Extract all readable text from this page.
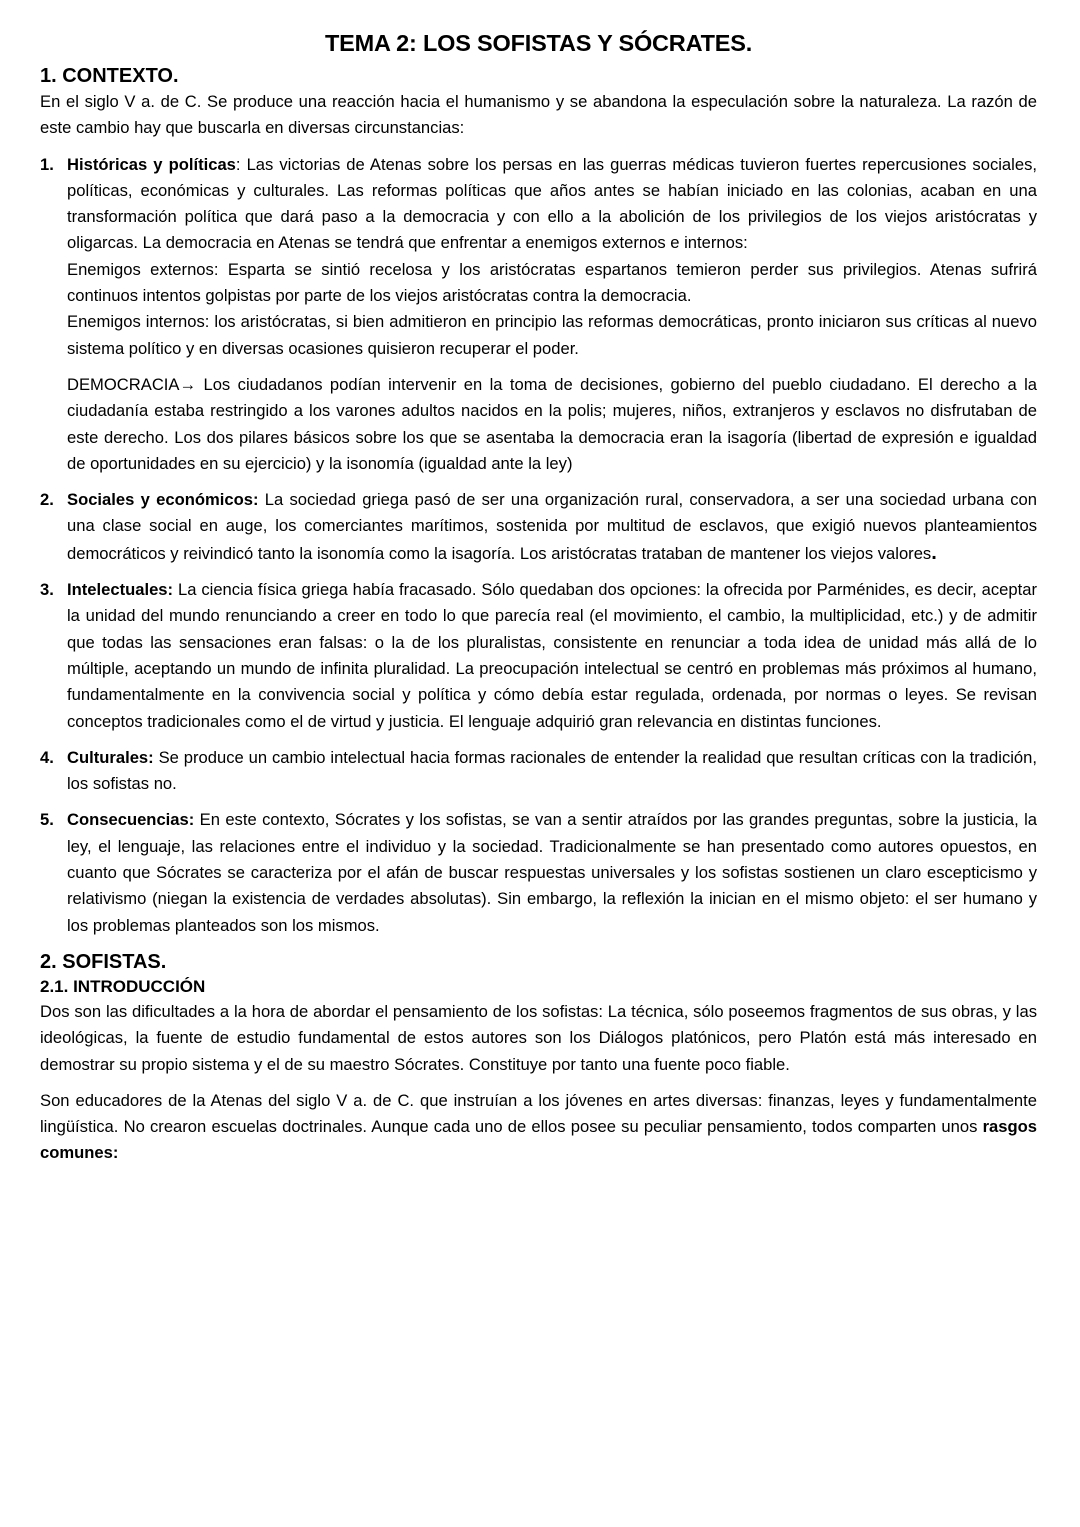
TEMA 2: LOS SOFISTAS Y SÓCRATES.
1. CONTEXTO.

En el siglo V a. de C. Se produce una reacción hacia el humanismo y se abandona la especulación sobre la naturaleza. La razón de este cambio hay que buscarla en diversas circunstancias:

1. Históricas y políticas: Las victorias de Atenas sobre los persas en las guerras médicas tuvieron fuertes repercusiones sociales, políticas, económicas y culturales. Las reformas políticas que años antes se habían iniciado en las colonias, acaban en una transformación política que dará paso a la democracia y con ello a la abolición de los privilegios de los viejos aristócratas y oligarcas. La democracia en Atenas se tendrá que enfrentar a enemigos externos e internos:

Enemigos externos: Esparta se sintió recelosa y los aristócratas espartanos temieron perder sus privilegios. Atenas sufrirá continuos intentos golpistas por parte de los viejos aristócratas contra la democracia.

Enemigos internos: los aristócratas, si bien admitieron en principio las reformas democráticas, pronto iniciaron sus críticas al nuevo sistema político y en diversas ocasiones quisieron recuperar el poder.

DEMOCRACIA→ Los ciudadanos podían intervenir en la toma de decisiones, gobierno del pueblo ciudadano. El derecho a la ciudadanía estaba restringido a los varones adultos nacidos en la polis; mujeres, niños, extranjeros y esclavos no disfrutaban de este derecho. Los dos pilares básicos sobre los que se asentaba la democracia eran la isagoría (libertad de expresión e igualdad de oportunidades en su ejercicio) y la isonomía (igualdad ante la ley)

2. Sociales y económicos: La sociedad griega pasó de ser una organización rural, conservadora, a ser una sociedad urbana con una clase social en auge, los comerciantes marítimos, sostenida por multitud de esclavos, que exigió nuevos planteamientos democráticos y reivindicó tanto la isonomía como la isagoría. Los aristócratas trataban de mantener los viejos valores.

3. Intelectuales: La ciencia física griega había fracasado. Sólo quedaban dos opciones: la ofrecida por Parménides, es decir, aceptar la unidad del mundo renunciando a creer en todo lo que parecía real (el movimiento, el cambio, la multiplicidad, etc.) y de admitir que todas las sensaciones eran falsas: o la de los pluralistas, consistente en renunciar a toda idea de unidad más allá de lo múltiple, aceptando un mundo de infinita pluralidad. La preocupación intelectual se centró en problemas más próximos al humano, fundamentalmente en la convivencia social y política y cómo debía estar regulada, ordenada, por normas o leyes. Se revisan conceptos tradicionales como el de virtud y justicia. El lenguaje adquirió gran relevancia en distintas funciones.

4. Culturales: Se produce un cambio intelectual hacia formas racionales de entender la realidad que resultan críticas con la tradición, los sofistas no.

5. Consecuencias: En este contexto, Sócrates y los sofistas, se van a sentir atraídos por las grandes preguntas, sobre la justicia, la ley, el lenguaje, las relaciones entre el individuo y la sociedad. Tradicionalmente se han presentado como autores opuestos, en cuanto que Sócrates se caracteriza por el afán de buscar respuestas universales y los sofistas sostienen un claro escepticismo y relativismo (niegan la existencia de verdades absolutas). Sin embargo, la reflexión la inician en el mismo objeto: el ser humano y los problemas planteados son los mismos.

2. SOFISTAS.
2.1. INTRODUCCIÓN

Dos son las dificultades a la hora de abordar el pensamiento de los sofistas: La técnica, sólo poseemos fragmentos de sus obras, y las ideológicas, la fuente de estudio fundamental de estos autores son los Diálogos platónicos, pero Platón está más interesado en demostrar su propio sistema y el de su maestro Sócrates. Constituye por tanto una fuente poco fiable.

Son educadores de la Atenas del siglo V a. de C. que instruían a los jóvenes en artes diversas: finanzas, leyes y fundamentalmente lingüística. No crearon escuelas doctrinales. Aunque cada uno de ellos posee su peculiar pensamiento, todos comparten unos rasgos comunes:
